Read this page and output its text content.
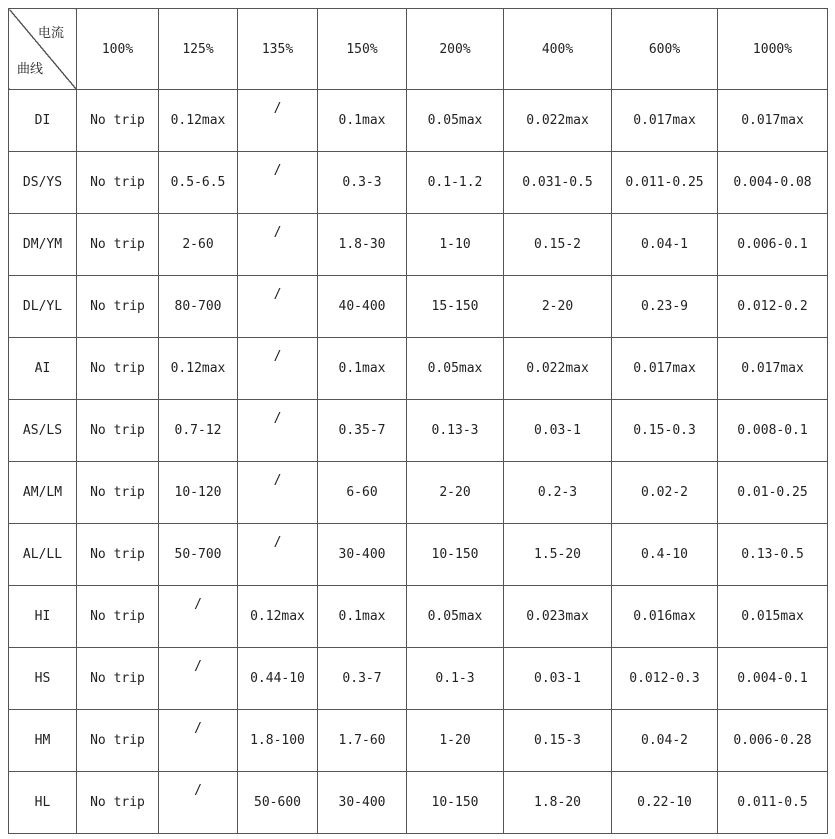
电流
曲线	100%	125%	135%	150%	200%	400%	600%	1000%
DI	No trip	0.12max	/	0.1max	0.05max	0.022max	0.017max	0.017max
DS/YS	No trip	0.5-6.5	/	0.3-3	0.1-1.2	0.031-0.5	0.011-0.25	0.004-0.08
DM/YM	No trip	2-60	/	1.8-30	1-10	0.15-2	0.04-1	0.006-0.1
DL/YL	No trip	80-700	/	40-400	15-150	2-20	0.23-9	0.012-0.2
AI	No trip	0.12max	/	0.1max	0.05max	0.022max	0.017max	0.017max
AS/LS	No trip	0.7-12	/	0.35-7	0.13-3	0.03-1	0.15-0.3	0.008-0.1
AM/LM	No trip	10-120	/	6-60	2-20	0.2-3	0.02-2	0.01-0.25
AL/LL	No trip	50-700	/	30-400	10-150	1.5-20	0.4-10	0.13-0.5
HI	No trip	/	0.12max	0.1max	0.05max	0.023max	0.016max	0.015max
HS	No trip	/	0.44-10	0.3-7	0.1-3	0.03-1	0.012-0.3	0.004-0.1
HM	No trip	/	1.8-100	1.7-60	1-20	0.15-3	0.04-2	0.006-0.28
HL	No trip	/	50-600	30-400	10-150	1.8-20	0.22-10	0.011-0.5
